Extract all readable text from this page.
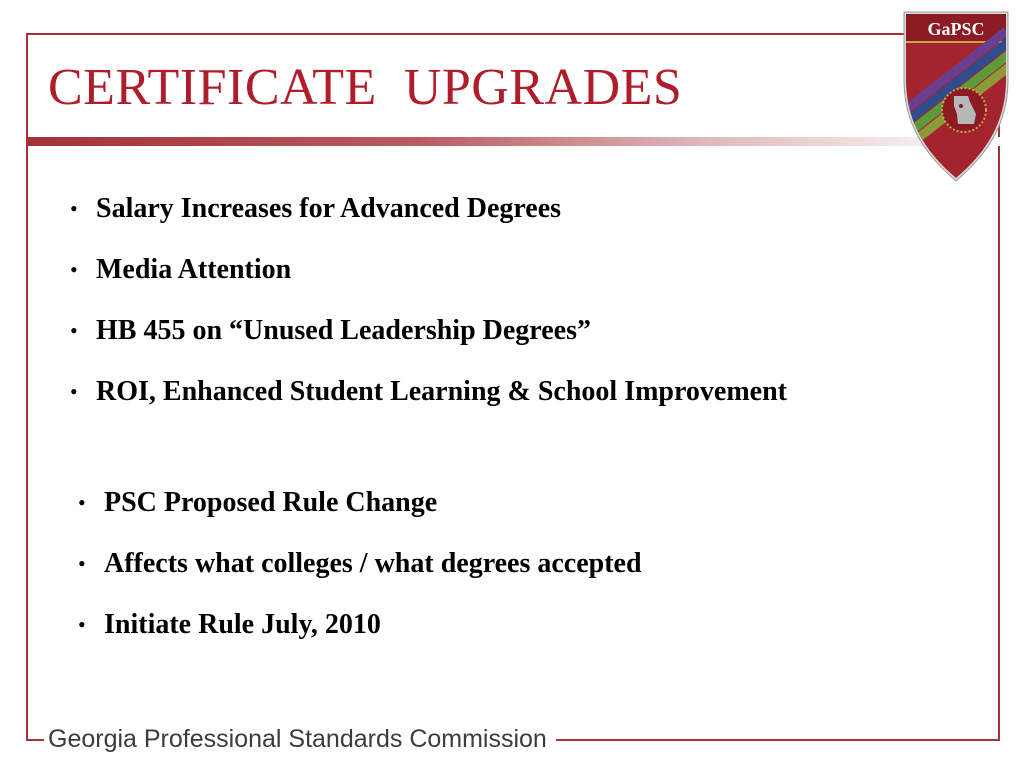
CERTIFICATE  UPGRADES
• Salary Increases for Advanced Degrees
• Media Attention
• HB 455 on “Unused Leadership Degrees”
• ROI, Enhanced Student Learning & School Improvement
• PSC Proposed Rule Change
• Affects what colleges / what degrees accepted
• Initiate Rule July, 2010
GaPSC
Georgia Professional Standards Commission
